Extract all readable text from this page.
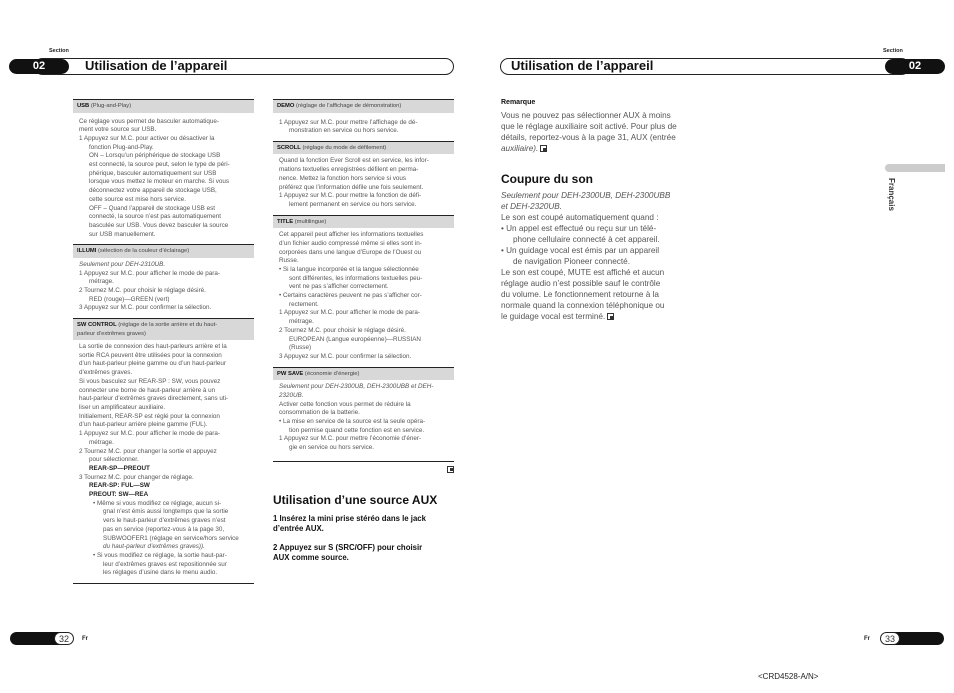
Section
Utilisation de l’appareil
02
Section
Utilisation de l’appareil	02
Français
USB (Plug-and-Play)
Ce réglage vous permet de basculer automatique-
ment votre source sur USB.
1 Appuyez sur M.C. pour activer ou désactiver la
fonction Plug-and-Play.
ON – Lorsqu’un périphérique de stockage USB
est connecté, la source peut, selon le type de péri-
phérique, basculer automatiquement sur USB
lorsque vous mettez le moteur en marche. Si vous
déconnectez votre appareil de stockage USB,
cette source est mise hors service.
OFF – Quand l’appareil de stockage USB est
connecté, la source n’est pas automatiquement
basculée sur USB. Vous devez basculer la source
sur USB manuellement.
ILLUMI (sélection de la couleur d’éclairage)
Seulement pour DEH-2310UB.
1 Appuyez sur M.C. pour afficher le mode de para-
métrage.
2 Tournez M.C. pour choisir le réglage désiré.
RED (rouge)—GREEN (vert)
3 Appuyez sur M.C. pour confirmer la sélection.
SW CONTROL (réglage de la sortie arrière et du haut-
parleur d’extrêmes graves)
La sortie de connexion des haut-parleurs arrière et la
sortie RCA peuvent être utilisées pour la connexion
d’un haut-parleur pleine gamme ou d’un haut-parleur
d’extrêmes graves.
Si vous basculez sur REAR-SP : SW, vous pouvez
connecter une borne de haut-parleur arrière à un
haut-parleur d’extrêmes graves directement, sans uti-
liser un amplificateur auxiliaire.
Initialement, REAR-SP est réglé pour la connexion
d’un haut-parleur arrière pleine gamme (FUL).
1 Appuyez sur M.C. pour afficher le mode de para-
métrage.
2 Tournez M.C. pour changer la sortie et appuyez
pour sélectionner.
REAR-SP—PREOUT
3 Tournez M.C. pour changer de réglage.
REAR-SP: FUL—SW
PREOUT: SW—REA
• Même si vous modifiez ce réglage, aucun si-
gnal n’est émis aussi longtemps que la sortie
vers le haut-parleur d’extrêmes graves n’est
pas en service (reportez-vous à la page 30,
SUBWOOFER1 (réglage en service/hors service
du haut-parleur d’extrêmes graves)).
• Si vous modifiez ce réglage, la sortie haut-par-
leur d’extrêmes graves est repositionnée sur
les réglages d’usine dans le menu audio.
DEMO (réglage de l’affichage de démonstration)
1 Appuyez sur M.C. pour mettre l’affichage de dé-
monstration en service ou hors service.
SCROLL (réglage du mode de défilement)
Quand la fonction Ever Scroll est en service, les infor-
mations textuelles enregistrées défilent en perma-
nence. Mettez la fonction hors service si vous
préférez que l’information défile une fois seulement.
1 Appuyez sur M.C. pour mettre la fonction de défi-
lement permanent en service ou hors service.
TITLE (multilingue)
Cet appareil peut afficher les informations textuelles
d’un fichier audio compressé même si elles sont in-
corporées dans une langue d’Europe de l’Ouest ou
Russe.
• Si la langue incorporée et la langue sélectionnée
sont différentes, les informations textuelles peu-
vent ne pas s’afficher correctement.
• Certains caractères peuvent ne pas s’afficher cor-
rectement.
1 Appuyez sur M.C. pour afficher le mode de para-
métrage.
2 Tournez M.C. pour choisir le réglage désiré.
EUROPEAN (Langue européenne)—RUSSIAN
(Russe)
3 Appuyez sur M.C. pour confirmer la sélection.
PW SAVE (économie d’énergie)
Seulement pour DEH-2300UB, DEH-2300UBB et DEH-
2320UB.
Activer cette fonction vous permet de réduire la
consommation de la batterie.
• La mise en service de la source est la seule opéra-
tion permise quand cette fonction est en service.
1 Appuyez sur M.C. pour mettre l’économie d’éner-
gie en service ou hors service.
Utilisation d’une source AUX
1 Insérez la mini prise stéréo dans le jack
d’entrée AUX.
2 Appuyez sur S (SRC/OFF) pour choisir
AUX comme source.
Remarque
Vous ne pouvez pas sélectionner AUX à moins
que le réglage auxiliaire soit activé. Pour plus de
détails, reportez-vous à la page 31, AUX (entrée
auxiliaire).
Coupure du son
Seulement pour DEH-2300UB, DEH-2300UBB
et DEH-2320UB.
Le son est coupé automatiquement quand :
• Un appel est effectué ou reçu sur un télé-
phone cellulaire connecté à cet appareil.
• Un guidage vocal est émis par un appareil
de navigation Pioneer connecté.
Le son est coupé, MUTE est affiché et aucun
réglage audio n’est possible sauf le contrôle
du volume. Le fonctionnement retourne à la
normale quand la connexion téléphonique ou
le guidage vocal est terminé.
32	Fr	33
Fr
<CRD4528-A/N>
